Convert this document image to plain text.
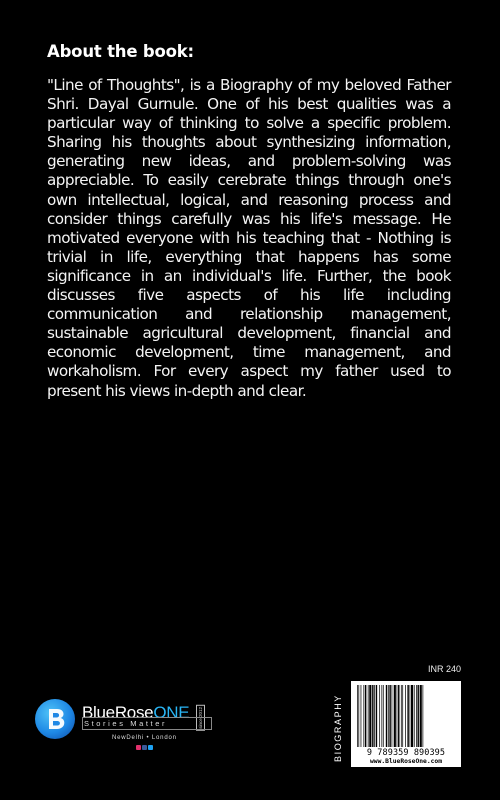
About the book:
"Line of Thoughts", is a Biography of my beloved Father Shri. Dayal Gurnule. One of his best qualities was a particular way of thinking to solve a specific problem. Sharing his thoughts about synthesizing information, generating new ideas, and problem-solving was appreciable. To easily cerebrate things through one's own intellectual, logical, and reasoning process and consider things carefully was his life's message. He motivated everyone with his teaching that - Nothing is trivial in life, everything that happens has some significance in an individual's life. Further, the book discusses five aspects of his life including communication and relationship management, sustainable agricultural development, financial and economic development, time management, and workaholism. For every aspect my father used to present his views in-depth and clear.
BlueRoseONE	since 2012
Stories Matter
NewDelhi • London
INR 240
BIOGRAPHY	9 789359 890395
www.BlueRoseOne.com
